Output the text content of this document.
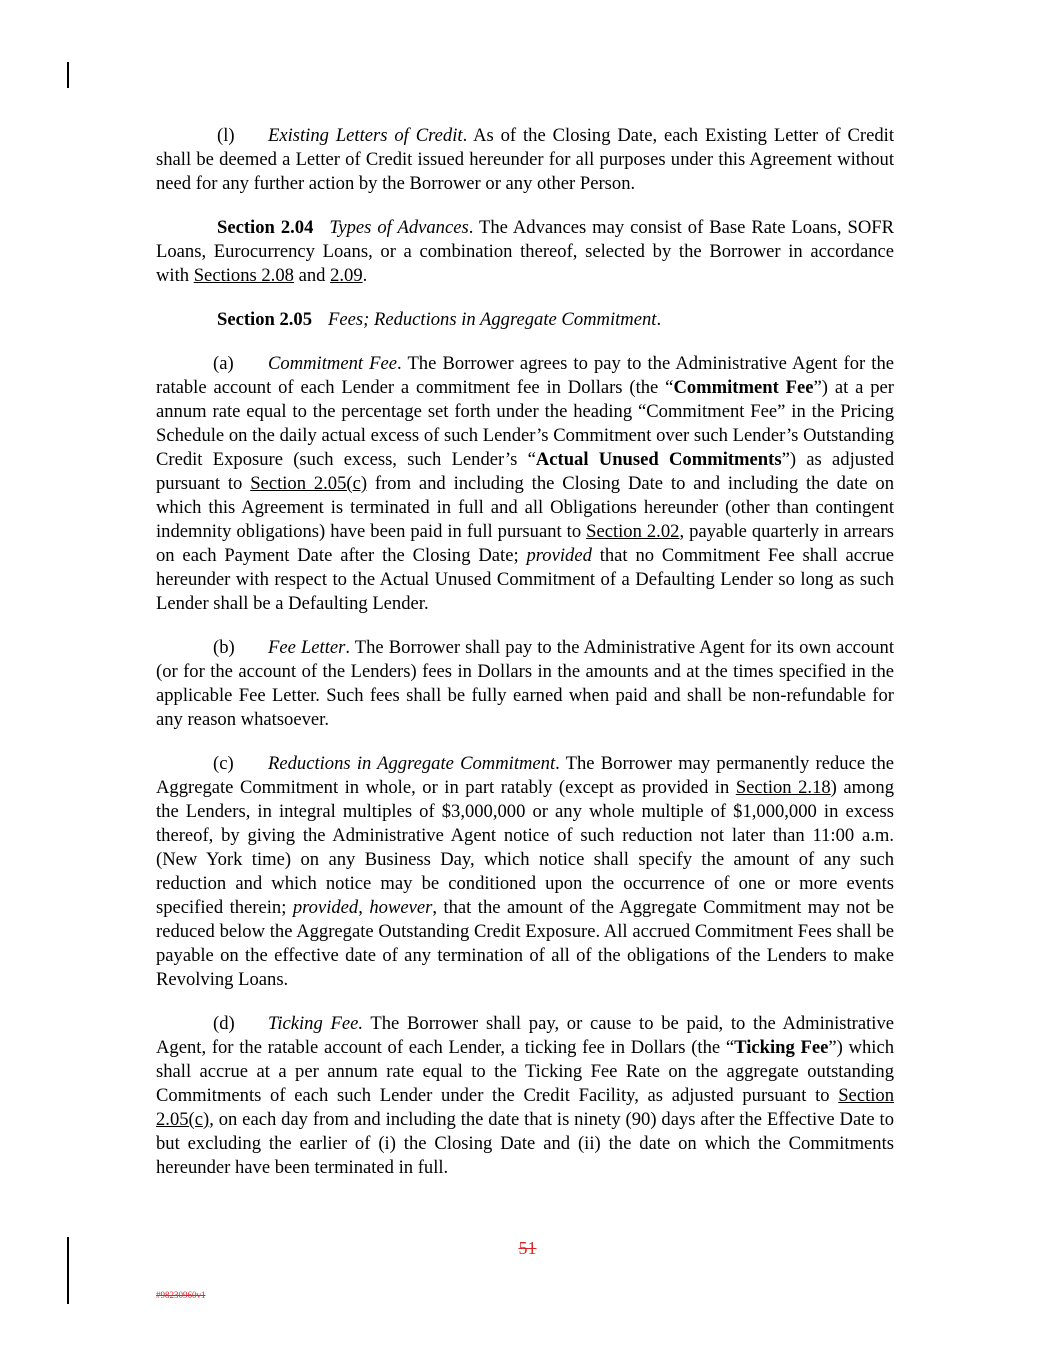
(l) Existing Letters of Credit. As of the Closing Date, each Existing Letter of Credit shall be deemed a Letter of Credit issued hereunder for all purposes under this Agreement without need for any further action by the Borrower or any other Person.

Section 2.04 Types of Advances. The Advances may consist of Base Rate Loans, SOFR Loans, Eurocurrency Loans, or a combination thereof, selected by the Borrower in accordance with Sections 2.08 and 2.09.

Section 2.05 Fees; Reductions in Aggregate Commitment.

(a) Commitment Fee. The Borrower agrees to pay to the Administrative Agent for the ratable account of each Lender a commitment fee in Dollars (the “Commitment Fee”) at a per annum rate equal to the percentage set forth under the heading “Commitment Fee” in the Pricing Schedule on the daily actual excess of such Lender’s Commitment over such Lender’s Outstanding Credit Exposure (such excess, such Lender’s “Actual Unused Commitments”) as adjusted pursuant to Section 2.05(c) from and including the Closing Date to and including the date on which this Agreement is terminated in full and all Obligations hereunder (other than contingent indemnity obligations) have been paid in full pursuant to Section 2.02, payable quarterly in arrears on each Payment Date after the Closing Date; provided that no Commitment Fee shall accrue hereunder with respect to the Actual Unused Commitment of a Defaulting Lender so long as such Lender shall be a Defaulting Lender.

(b) Fee Letter. The Borrower shall pay to the Administrative Agent for its own account (or for the account of the Lenders) fees in Dollars in the amounts and at the times specified in the applicable Fee Letter. Such fees shall be fully earned when paid and shall be non-refundable for any reason whatsoever.

(c) Reductions in Aggregate Commitment. The Borrower may permanently reduce the Aggregate Commitment in whole, or in part ratably (except as provided in Section 2.18) among the Lenders, in integral multiples of $3,000,000 or any whole multiple of $1,000,000 in excess thereof, by giving the Administrative Agent notice of such reduction not later than 11:00 a.m. (New York time) on any Business Day, which notice shall specify the amount of any such reduction and which notice may be conditioned upon the occurrence of one or more events specified therein; provided, however, that the amount of the Aggregate Commitment may not be reduced below the Aggregate Outstanding Credit Exposure. All accrued Commitment Fees shall be payable on the effective date of any termination of all of the obligations of the Lenders to make Revolving Loans.

(d) Ticking Fee. The Borrower shall pay, or cause to be paid, to the Administrative Agent, for the ratable account of each Lender, a ticking fee in Dollars (the “Ticking Fee”) which shall accrue at a per annum rate equal to the Ticking Fee Rate on the aggregate outstanding Commitments of each such Lender under the Credit Facility, as adjusted pursuant to Section 2.05(c), on each day from and including the date that is ninety (90) days after the Effective Date to but excluding the earlier of (i) the Closing Date and (ii) the date on which the Commitments hereunder have been terminated in full.

51
#98230960v1
